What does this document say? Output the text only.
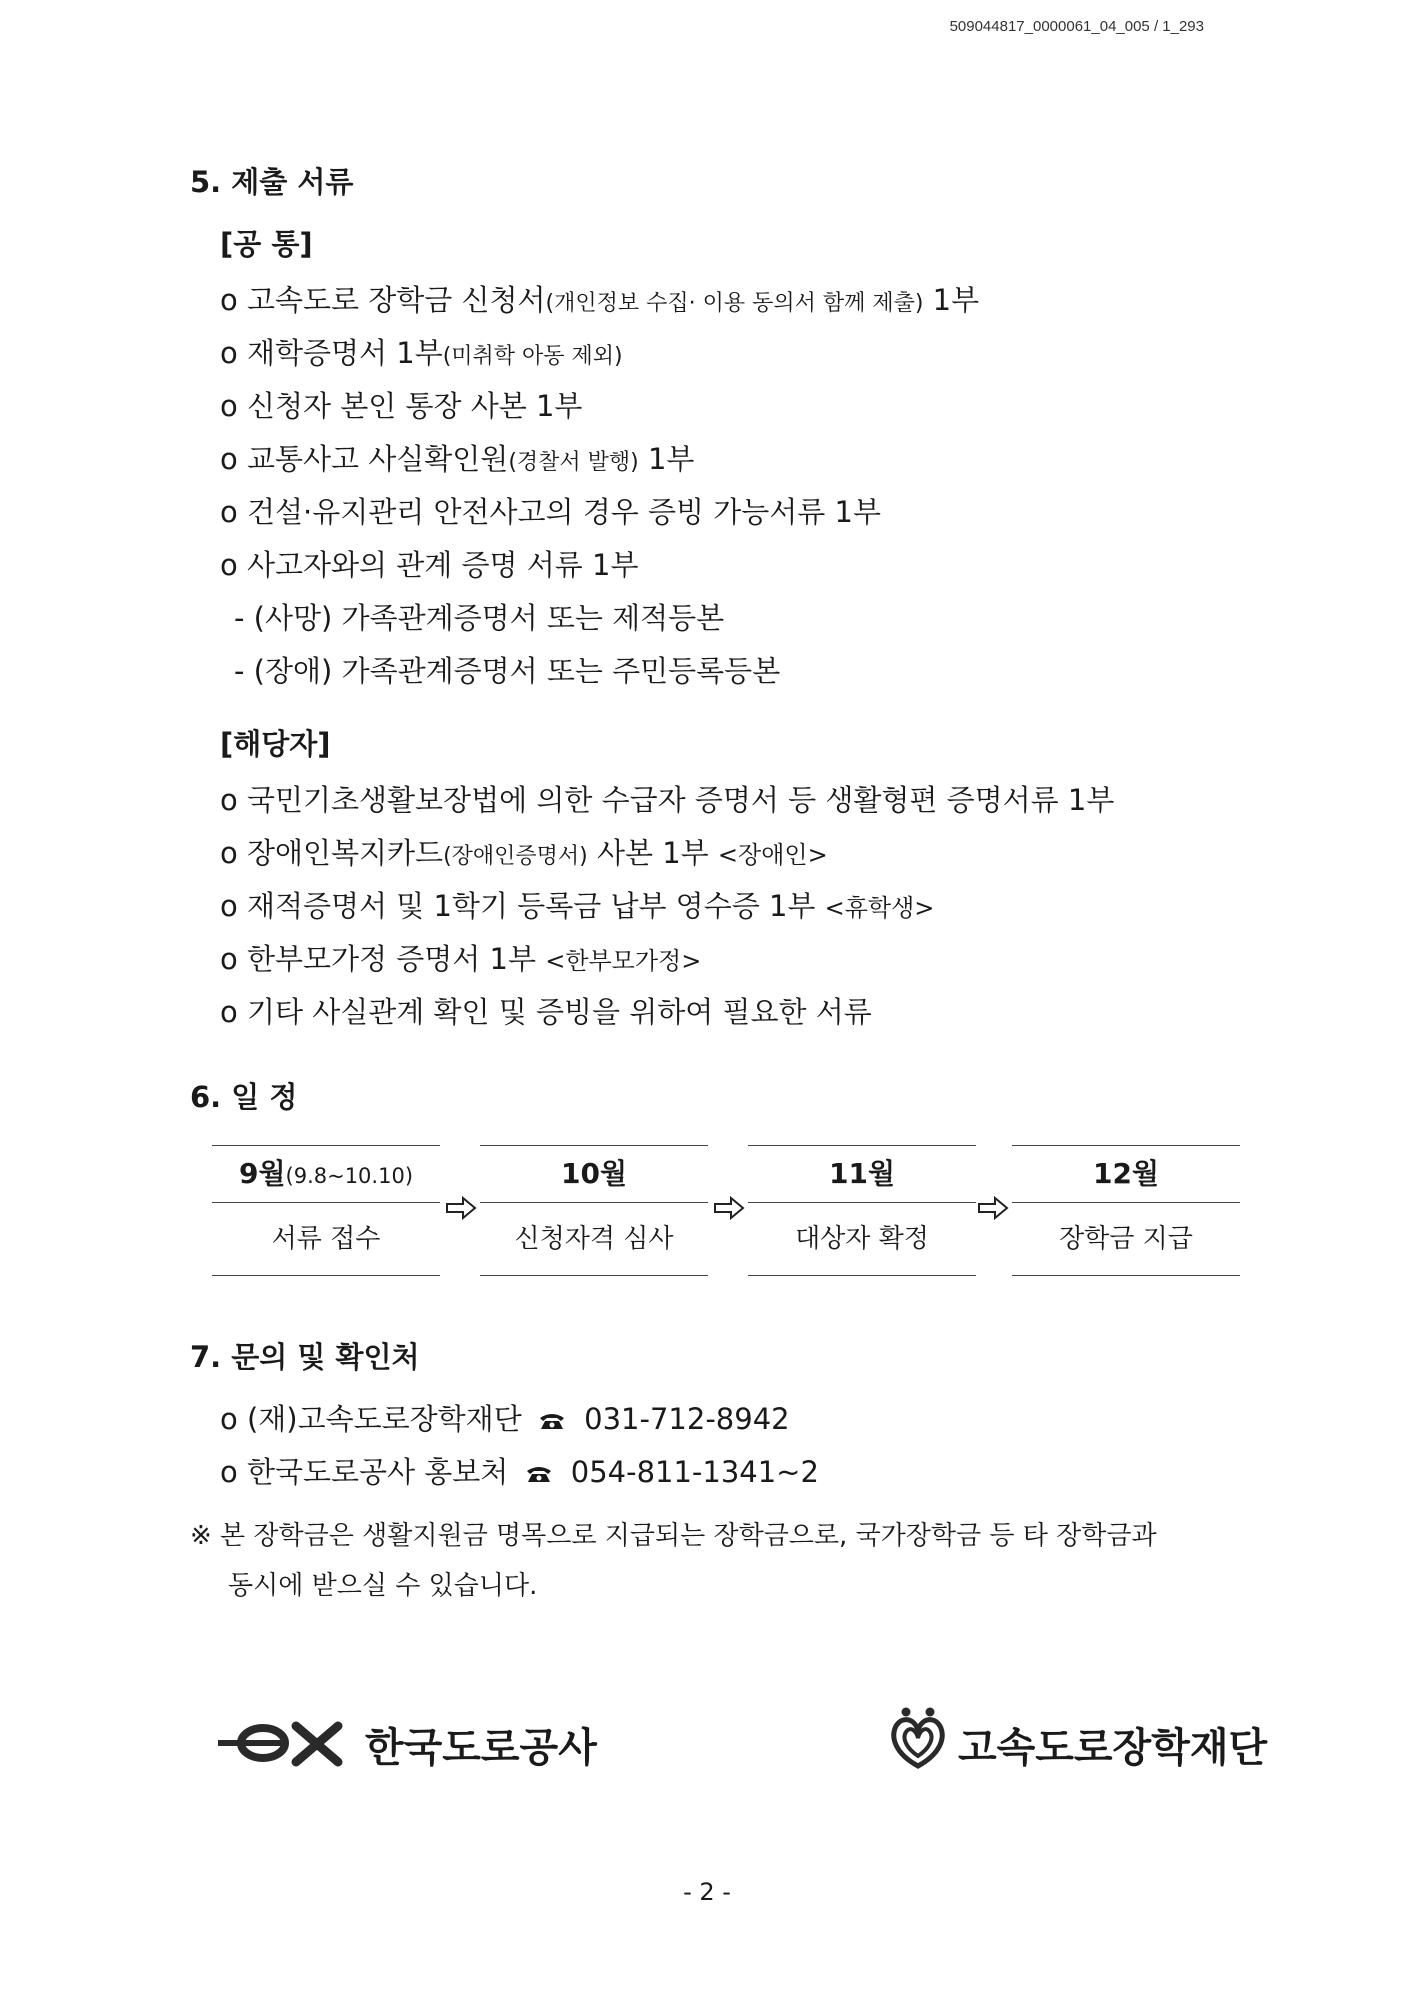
509044817_0000061_04_005 / 1_293
5. 제출 서류
[공 통]
o 고속도로 장학금 신청서(개인정보 수집· 이용 동의서 함께 제출) 1부
o 재학증명서 1부(미취학 아동 제외)
o 신청자 본인 통장 사본 1부
o 교통사고 사실확인원(경찰서 발행) 1부
o 건설·유지관리 안전사고의 경우 증빙 가능서류 1부
o 사고자와의 관계 증명 서류 1부
- (사망) 가족관계증명서 또는 제적등본
- (장애) 가족관계증명서 또는 주민등록등본
[해당자]
o 국민기초생활보장법에 의한 수급자 증명서 등 생활형편 증명서류 1부
o 장애인복지카드(장애인증명서) 사본 1부 <장애인>
o 재적증명서 및 1학기 등록금 납부 영수증 1부 <휴학생>
o 한부모가정 증명서 1부 <한부모가정>
o 기타 사실관계 확인 및 증빙을 위하여 필요한 서류
6. 일 정
9월(9.8~10.10)
서류 접수
10월
신청자격 심사
11월
대상자 확정
12월
장학금 지급
7. 문의 및 확인처
o (재)고속도로장학재단 031-712-8942
o 한국도로공사 홍보처 054-811-1341~2
※ 본 장학금은 생활지원금 명목으로 지급되는 장학금으로, 국가장학금 등 타 장학금과
동시에 받으실 수 있습니다.
한국도로공사	고속도로장학재단
- 2 -
